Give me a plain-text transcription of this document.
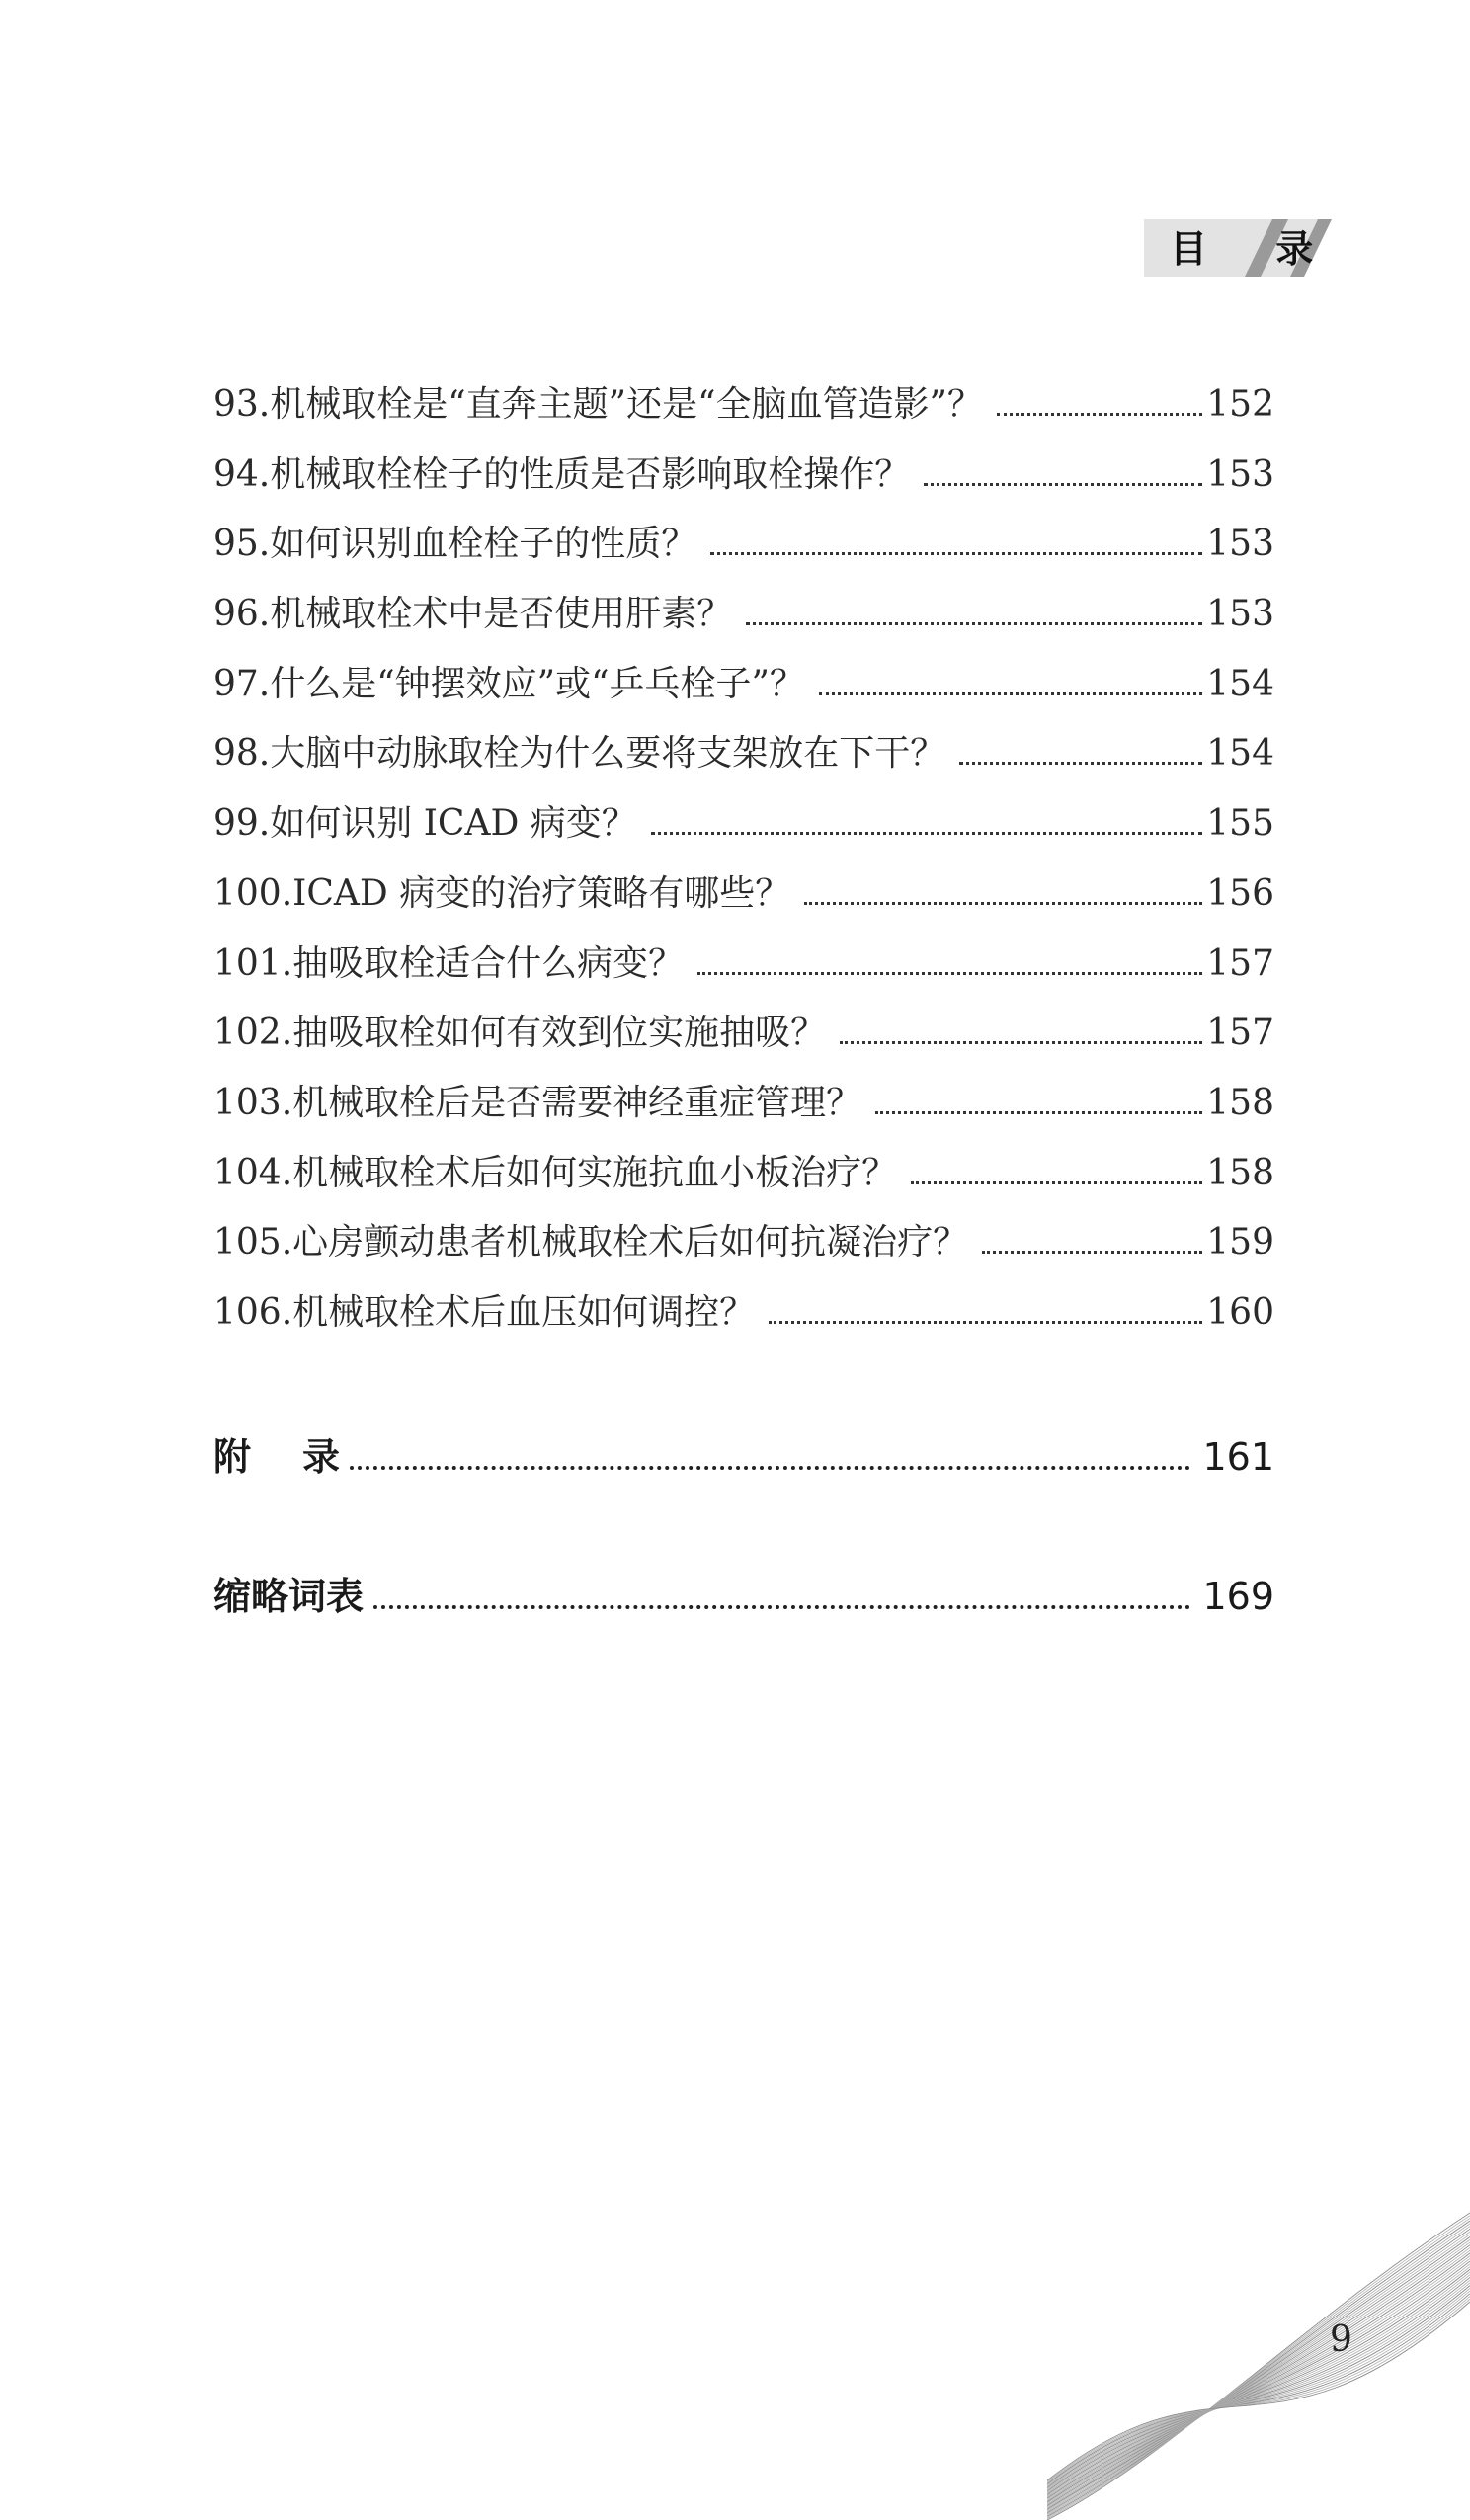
目 录
93. 机械取栓是“直奔主题”还是“全脑血管造影”？	152
94. 机械取栓栓子的性质是否影响取栓操作？	153
95. 如何识别血栓栓子的性质？	153
96. 机械取栓术中是否使用肝素？	153
97. 什么是“钟摆效应”或“乒乓栓子”？	154
98. 大脑中动脉取栓为什么要将支架放在下干？	154
99. 如何识别 ICAD 病变？	155
100. ICAD 病变的治疗策略有哪些？	156
101. 抽吸取栓适合什么病变？	157
102. 抽吸取栓如何有效到位实施抽吸？	157
103. 机械取栓后是否需要神经重症管理？	158
104. 机械取栓术后如何实施抗血小板治疗？	158
105. 心房颤动患者机械取栓术后如何抗凝治疗？	159
106. 机械取栓术后血压如何调控？	160
附录	161
缩略词表	169
9
